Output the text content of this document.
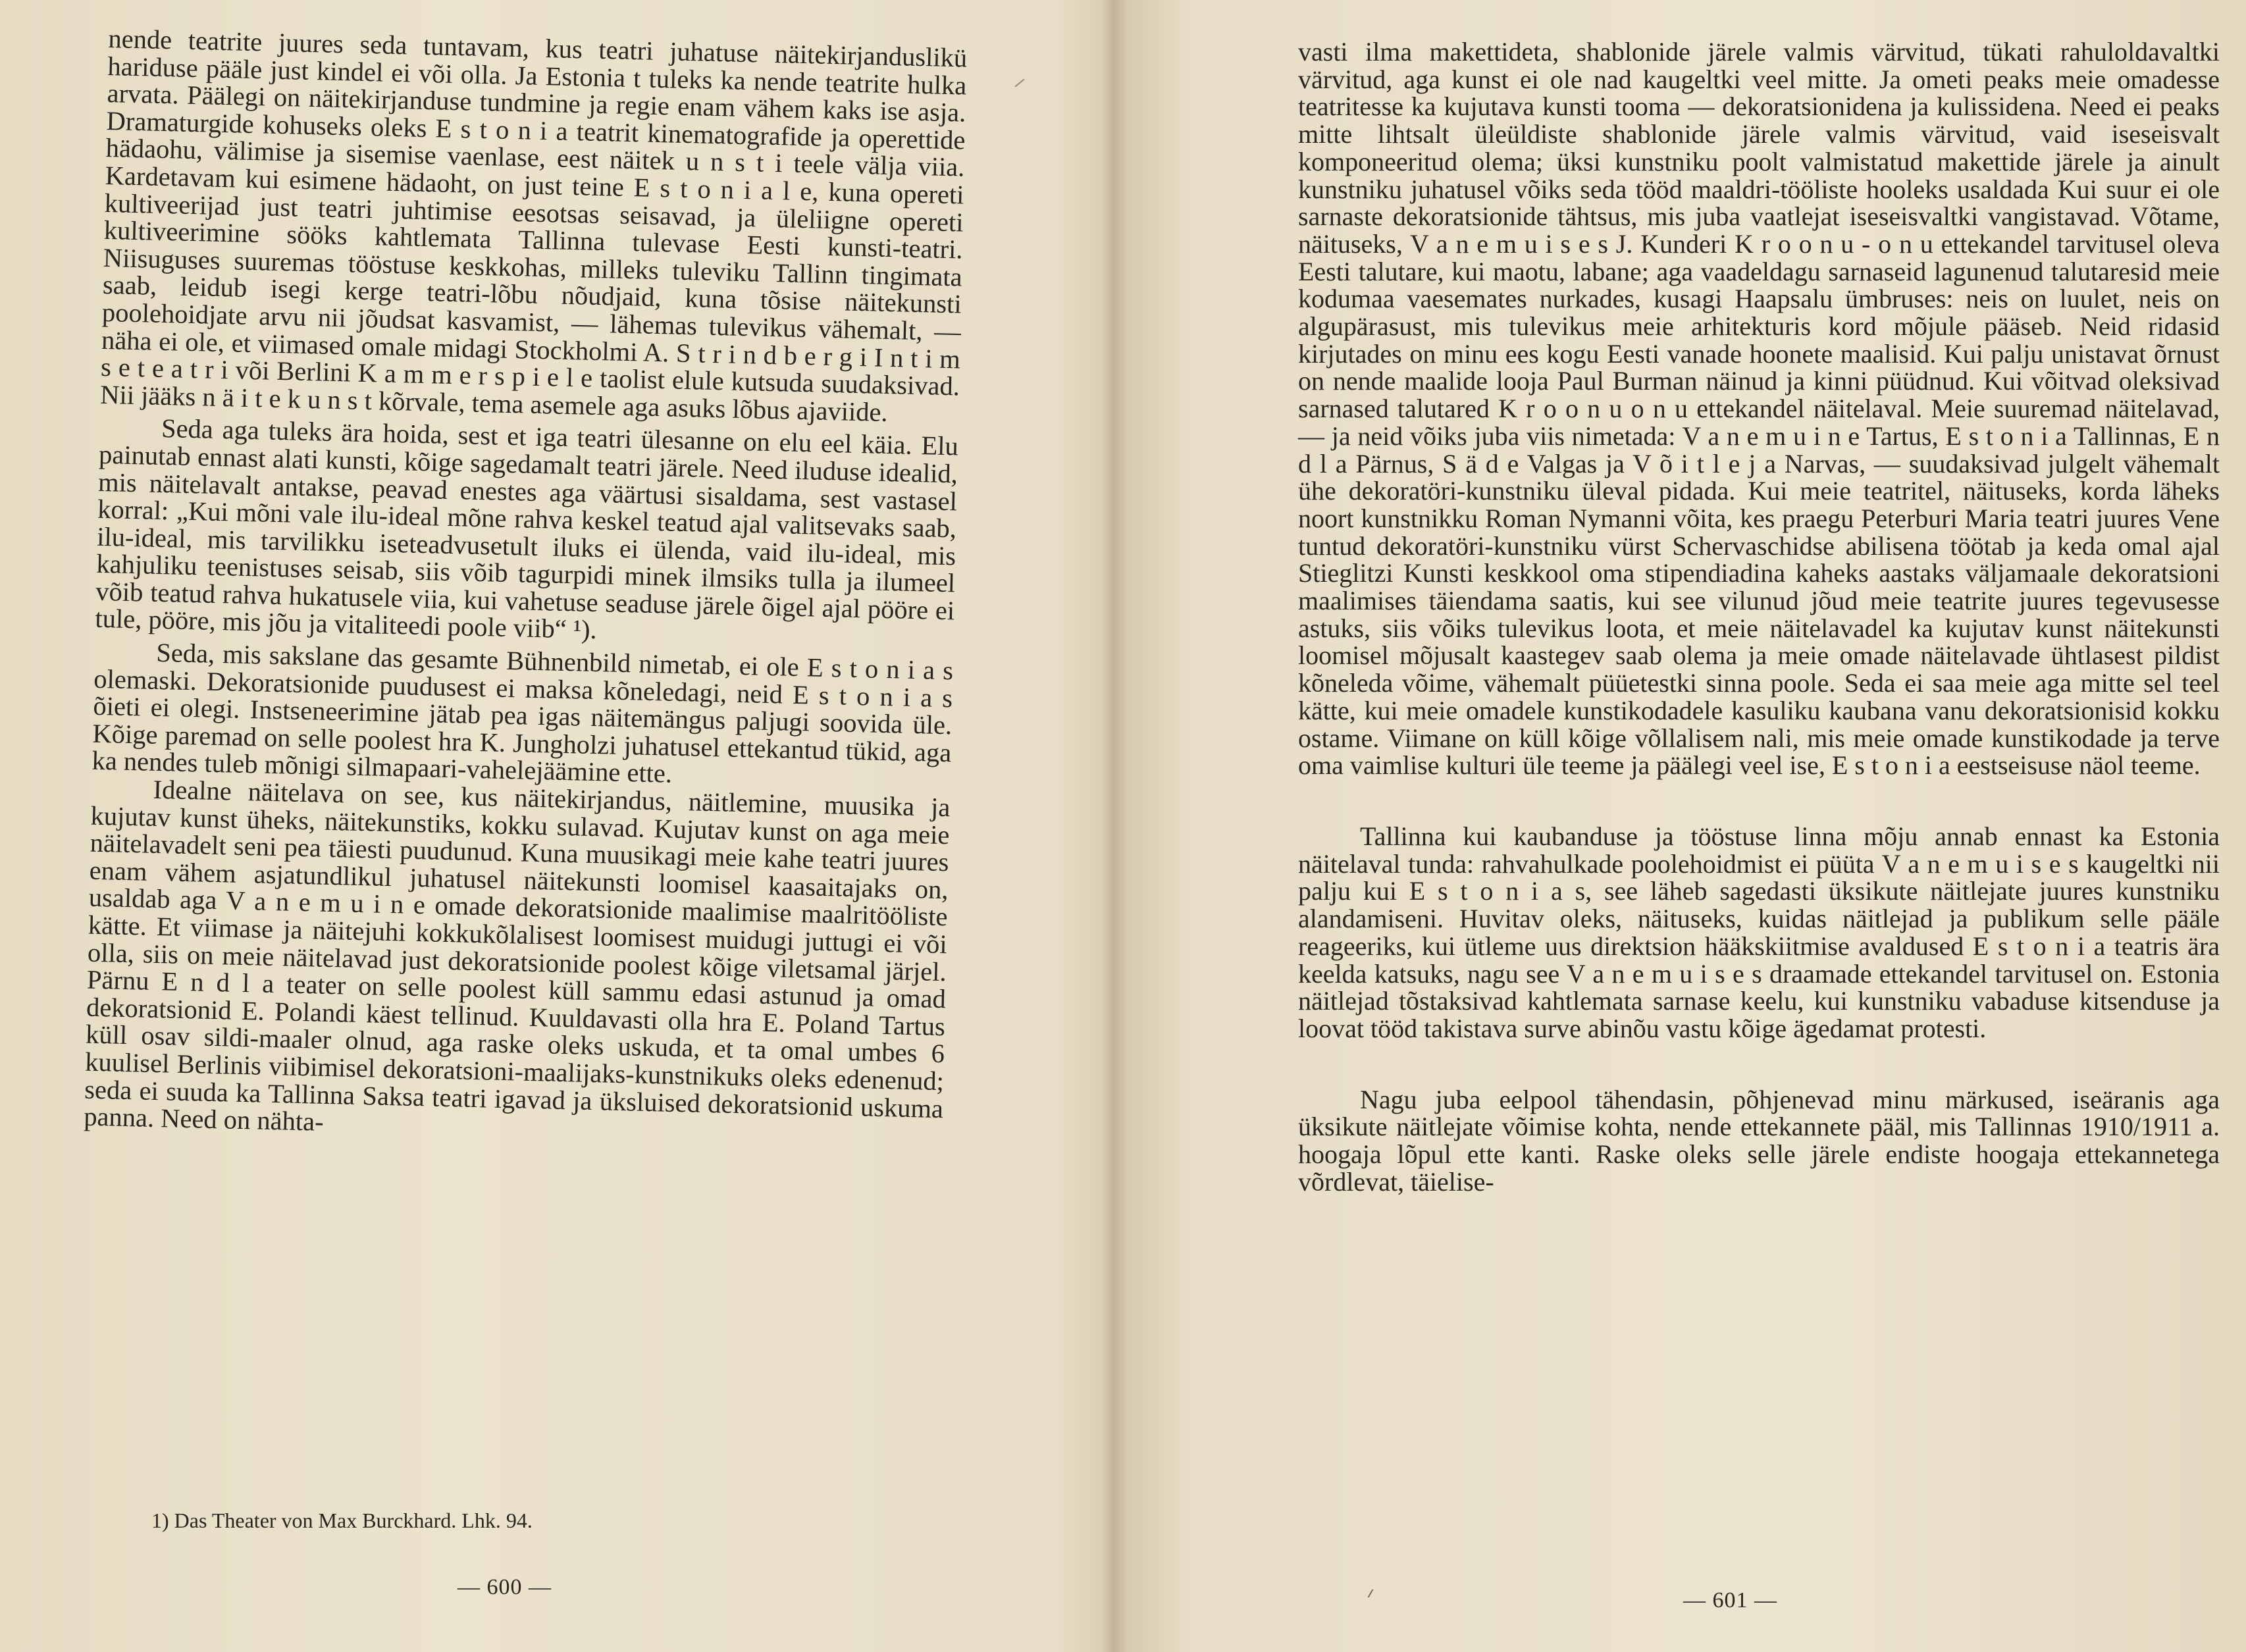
nende teatrite juures seda tuntavam, kus teatri juhatuse näitekirjanduslikü hariduse pääle just kindel ei või olla. Ja Estonia t tuleks ka nende teatrite hulka arvata. Päälegi on näitekirjanduse tundmine ja regie enam vähem kaks ise asja. Dramaturgide kohuseks oleks E s t o n i a teatrit kinematografide ja operettide hädaohu, välimise ja sisemise vaenlase, eest näitek u n s t i teele välja viia. Kardetavam kui esimene hädaoht, on just teine E s t o n i a l e, kuna opereti kultiveerijad just teatri juhtimise eesotsas seisavad, ja üleliigne opereti kultiveerimine sööks kahtlemata Tallinna tulevase Eesti kunsti-teatri. Niisuguses suuremas tööstuse keskkohas, milleks tuleviku Tallinn tingimata saab, leidub isegi kerge teatri-lõbu nõudjaid, kuna tõsise näitekunsti poolehoidjate arvu nii jõudsat kasvamist, — lähemas tulevikus vähemalt, — näha ei ole, et viimased omale midagi Stockholmi A. S t r i n d b e r g i I n t i m s e t e a t r i või Berlini K a m m e r s p i e l e taolist elule kutsuda suudaksivad. Nii jääks n ä i t e k u n s t kõrvale, tema asemele aga asuks lõbus ajaviide.

Seda aga tuleks ära hoida, sest et iga teatri ülesanne on elu eel käia. Elu painutab ennast alati kunsti, kõige sagedamalt teatri järele. Need iluduse idealid, mis näitelavalt antakse, peavad enestes aga väärtusi sisaldama, sest vastasel korral: „Kui mõni vale ilu-ideal mõne rahva keskel teatud ajal valitsevaks saab, ilu-ideal, mis tarvilikku iseteadvusetult iluks ei ülenda, vaid ilu-ideal, mis kahjuliku teenistuses seisab, siis võib tagurpidi minek ilmsiks tulla ja ilumeel võib teatud rahva hukatusele viia, kui vahetuse seaduse järele õigel ajal pööre ei tule, pööre, mis jõu ja vitaliteedi poole viib“ ¹).

Seda, mis sakslane das gesamte Bühnenbild nimetab, ei ole E s t o n i a s olemaski. Dekoratsionide puudusest ei maksa kõneledagi, neid E s t o n i a s õieti ei olegi. Instseneerimine jätab pea igas näitemängus paljugi soovida üle. Kõige paremad on selle poolest hra K. Jungholzi juhatusel ettekantud tükid, aga ka nendes tuleb mõnigi silmapaari-vahelejäämine ette.

Idealne näitelava on see, kus näitekirjandus, näitlemine, muusika ja kujutav kunst üheks, näitekunstiks, kokku sulavad. Kujutav kunst on aga meie näitelavadelt seni pea täiesti puudunud. Kuna muusikagi meie kahe teatri juures enam vähem asjatundlikul juhatusel näitekunsti loomisel kaasaitajaks on, usaldab aga V a n e m u i n e omade dekoratsionide maalimise maalritööliste kätte. Et viimase ja näitejuhi kokkukõlalisest loomisest muidugi juttugi ei või olla, siis on meie näitelavad just dekoratsionide poolest kõige viletsamal järjel. Pärnu E n d l a teater on selle poolest küll sammu edasi astunud ja omad dekoratsionid E. Polandi käest tellinud. Kuuldavasti olla hra E. Poland Tartus küll osav sildi-maaler olnud, aga raske oleks uskuda, et ta omal umbes 6 kuulisel Berlinis viibimisel dekoratsioni-maalijaks-kunstnikuks oleks edenenud; seda ei suuda ka Tallinna Saksa teatri igavad ja üksluised dekoratsionid uskuma panna. Need on nähta-

1) Das Theater von Max Burckhard. Lhk. 94.
— 600 —

vasti ilma makettideta, shablonide järele valmis värvitud, tükati rahuloldavaltki värvitud, aga kunst ei ole nad kaugeltki veel mitte. Ja ometi peaks meie omadesse teatritesse ka kujutava kunsti tooma — dekoratsionidena ja kulissidena. Need ei peaks mitte lihtsalt üleüldiste shablonide järele valmis värvitud, vaid iseseisvalt komponeeritud olema; üksi kunstniku poolt valmistatud makettide järele ja ainult kunstniku juhatusel võiks seda tööd maaldri-tööliste hooleks usaldada Kui suur ei ole sarnaste dekoratsionide tähtsus, mis juba vaatlejat iseseisvaltki vangistavad. Võtame, näituseks, V a n e m u i s e s J. Kunderi K r o o n u - o n u ettekandel tarvitusel oleva Eesti talutare, kui maotu, labane; aga vaadeldagu sarnaseid lagunenud talutaresid meie kodumaa vaesemates nurkades, kusagi Haapsalu ümbruses: neis on luulet, neis on algupärasust, mis tulevikus meie arhitekturis kord mõjule pääseb. Neid ridasid kirjutades on minu ees kogu Eesti vanade hoonete maalisid. Kui palju unistavat õrnust on nende maalide looja Paul Burman näinud ja kinni püüdnud. Kui võitvad oleksivad sarnased talutared K r o o n u o n u ettekandel näitelaval. Meie suuremad näitelavad, — ja neid võiks juba viis nimetada: V a n e m u i n e Tartus, E s t o n i a Tallinnas, E n d l a Pärnus, S ä d e Valgas ja V õ i t l e j a Narvas, — suudaksivad julgelt vähemalt ühe dekoratöri-kunstniku üleval pidada. Kui meie teatritel, näituseks, korda läheks noort kunstnikku Roman Nymanni võita, kes praegu Peterburi Maria teatri juures Vene tuntud dekoratöri-kunstniku vürst Schervaschidse abilisena töötab ja keda omal ajal Stieglitzi Kunsti keskkool oma stipendiadina kaheks aastaks väljamaale dekoratsioni maalimises täiendama saatis, kui see vilunud jõud meie teatrite juures tegevusesse astuks, siis võiks tulevikus loota, et meie näitelavadel ka kujutav kunst näitekunsti loomisel mõjusalt kaastegev saab olema ja meie omade näitelavade ühtlasest pildist kõneleda võime, vähemalt püüetestki sinna poole. Seda ei saa meie aga mitte sel teel kätte, kui meie omadele kunstikodadele kasuliku kaubana vanu dekoratsionisid kokku ostame. Viimane on küll kõige võllalisem nali, mis meie omade kunstikodade ja terve oma vaimlise kulturi üle teeme ja päälegi veel ise, E s t o n i a eestseisuse näol teeme.

Tallinna kui kaubanduse ja tööstuse linna mõju annab ennast ka Estonia näitelaval tunda: rahvahulkade poolehoidmist ei püüta V a n e m u i s e s kaugeltki nii palju kui E s t o n i a s, see läheb sagedasti üksikute näitlejate juures kunstniku alandamiseni. Huvitav oleks, näituseks, kuidas näitlejad ja publikum selle pääle reageeriks, kui ütleme uus direktsion hääkskiitmise avaldused E s t o n i a teatris ära keelda katsuks, nagu see V a n e m u i s e s draamade ettekandel tarvitusel on. Estonia näitlejad tõstaksivad kahtlemata sarnase keelu, kui kunstniku vabaduse kitsenduse ja loovat tööd takistava surve abinõu vastu kõige ägedamat protesti.

Nagu juba eelpool tähendasin, põhjenevad minu märkused, iseäranis aga üksikute näitlejate võimise kohta, nende ettekannete pääl, mis Tallinnas 1910/1911 a. hoogaja lõpul ette kanti. Raske oleks selle järele endiste hoogaja ettekannetega võrdlevat, täielise-

— 601 —
